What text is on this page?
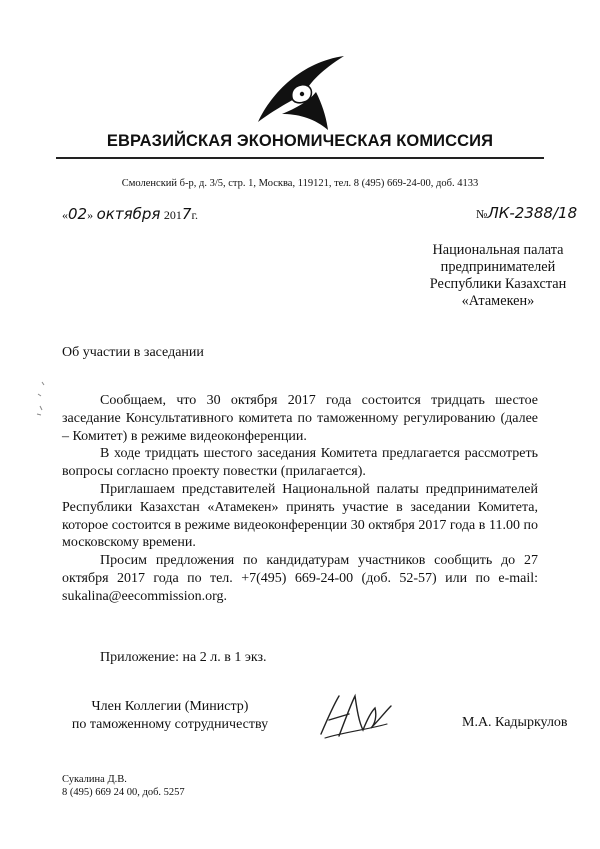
ЕВРАЗИЙСКАЯ ЭКОНОМИЧЕСКАЯ КОМИССИЯ
Смоленский б-р, д. 3/5, стр. 1, Москва, 119121, тел. 8 (495) 669-24-00, доб. 4133
«02» октября 2017г.	№ЛК-2388/18
Национальная палата
предпринимателей
Республики Казахстан
«Атамекен»
Об участии в заседании

Сообщаем, что 30 октября 2017 года состоится тридцать шестое заседание Консультативного комитета по таможенному регулированию (далее – Комитет) в режиме видеоконференции.

В ходе тридцать шестого заседания Комитета предлагается рассмотреть вопросы согласно проекту повестки (прилагается).

Приглашаем представителей Национальной палаты предпринимателей Республики Казахстан «Атамекен» принять участие в заседании Комитета, которое состоится в режиме видеоконференции 30 октября 2017 года в 11.00 по московскому времени.

Просим предложения по кандидатурам участников сообщить до 27 октября 2017 года по тел. +7(495) 669-24-00 (доб. 52-57) или по e-mail: sukalina@eecommission.org.

Приложение: на 2 л. в 1 экз.
Член Коллегии (Министр)
по таможенному сотрудничеству	М.А. Кадыркулов
Сукалина Д.В.
8 (495) 669 24 00, доб. 5257
